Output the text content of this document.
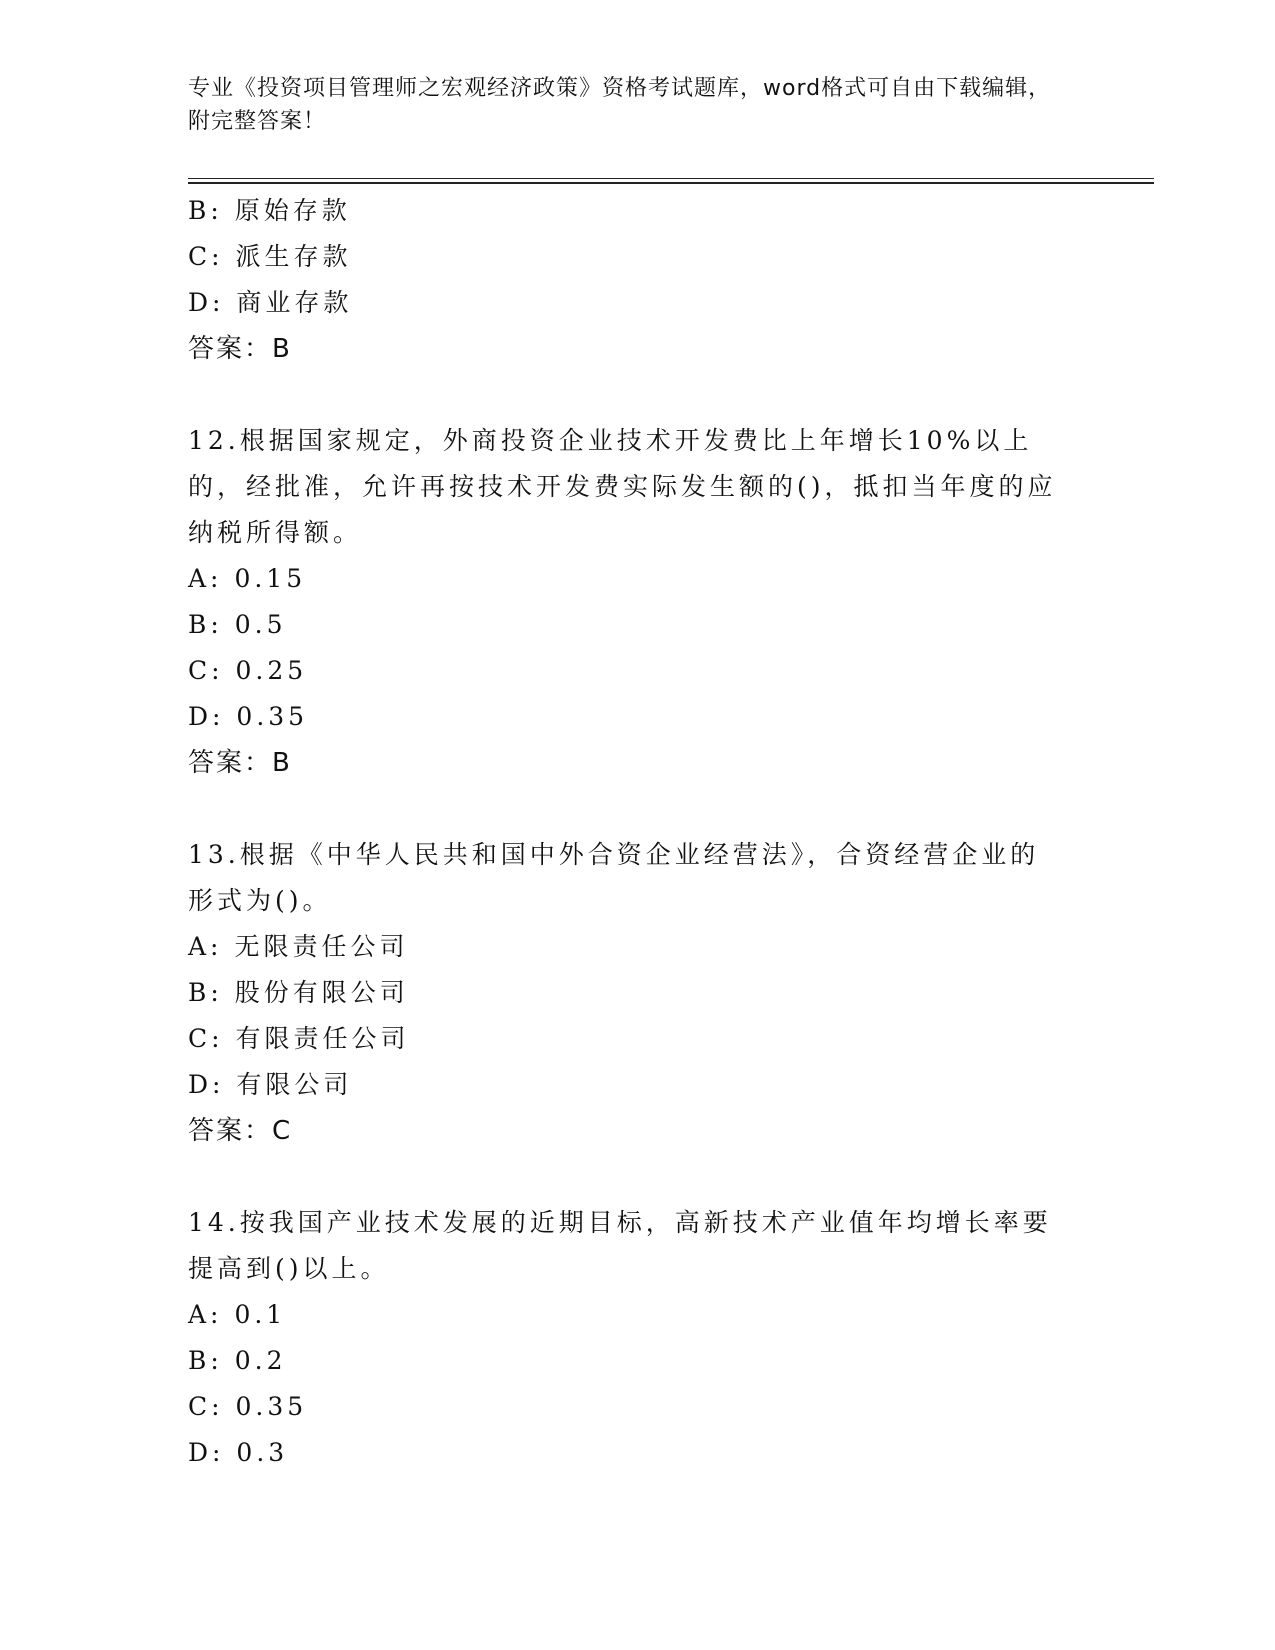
专业《投资项目管理师之宏观经济政策》资格考试题库，word格式可自由下载编辑，附完整答案！
B: 原始存款
C: 派生存款
D: 商业存款
答案：B
12.根据国家规定，外商投资企业技术开发费比上年增长10%以上的，经批准，允许再按技术开发费实际发生额的()，抵扣当年度的应纳税所得额。
A: 0.15
B: 0.5
C: 0.25
D: 0.35
答案：B
13.根据《中华人民共和国中外合资企业经营法》，合资经营企业的形式为()。
A: 无限责任公司
B: 股份有限公司
C: 有限责任公司
D: 有限公司
答案：C
14.按我国产业技术发展的近期目标，高新技术产业值年均增长率要提高到()以上。
A: 0.1
B: 0.2
C: 0.35
D: 0.3
